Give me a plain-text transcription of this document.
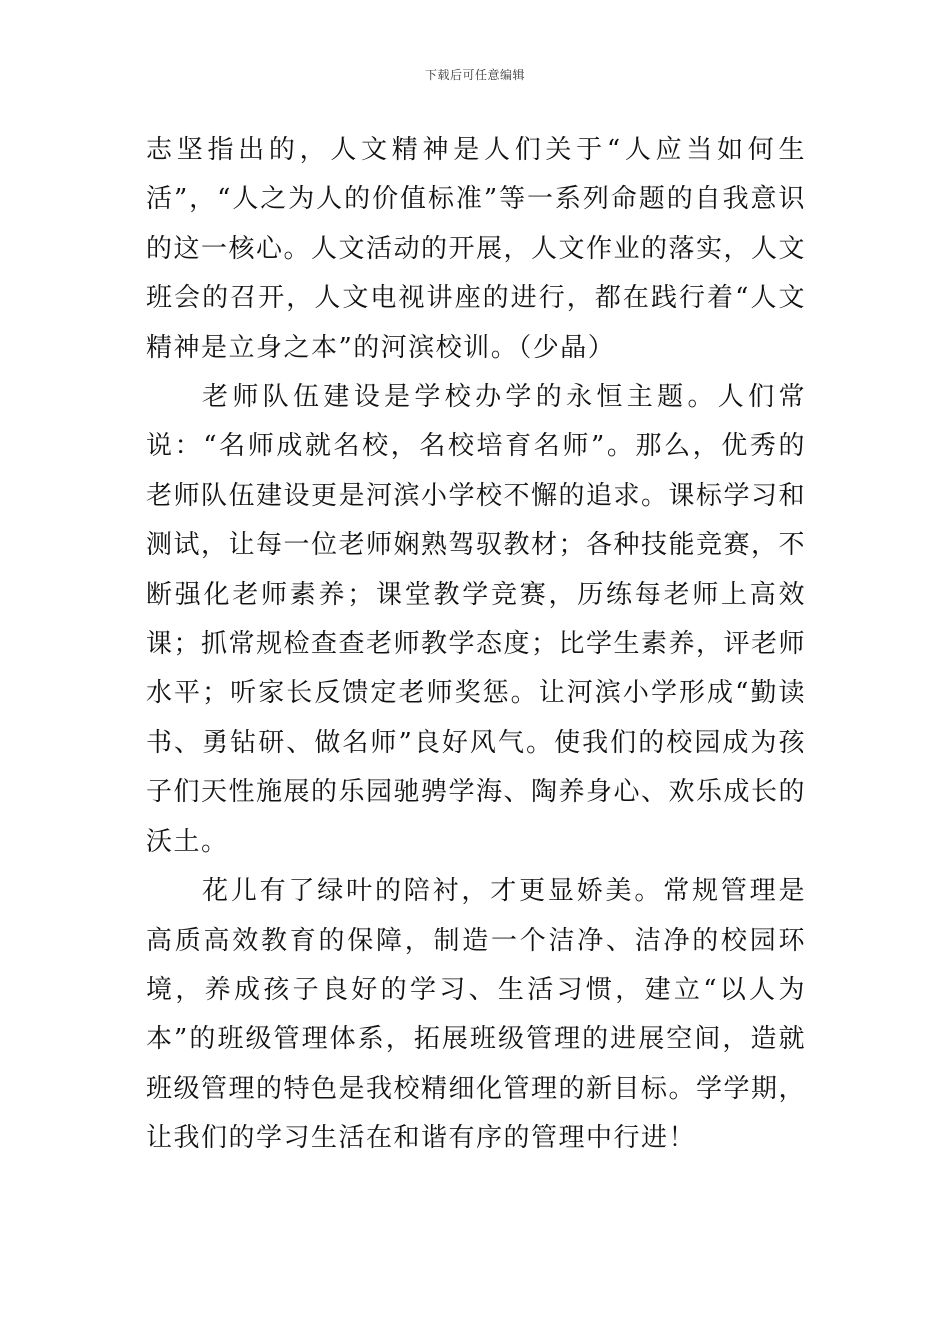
下载后可任意编辑

志坚指出的，人文精神是人们关于“人应当如何生活”，“人之为人的价值标准”等一系列命题的自我意识的这一核心。人文活动的开展，人文作业的落实，人文班会的召开，人文电视讲座的进行，都在践行着“人文精神是立身之本”的河滨校训。（少晶）

老师队伍建设是学校办学的永恒主题。人们常说：“名师成就名校，名校培育名师”。那么，优秀的老师队伍建设更是河滨小学校不懈的追求。课标学习和测试，让每一位老师娴熟驾驭教材；各种技能竞赛，不断强化老师素养；课堂教学竞赛，历练每老师上高效课；抓常规检查查老师教学态度；比学生素养，评老师水平；听家长反馈定老师奖惩。让河滨小学形成“勤读书、勇钻研、做名师”良好风气。使我们的校园成为孩子们天性施展的乐园驰骋学海、陶养身心、欢乐成长的沃土。

花儿有了绿叶的陪衬，才更显娇美。常规管理是高质高效教育的保障，制造一个洁净、洁净的校园环境，养成孩子良好的学习、生活习惯，建立“以人为本”的班级管理体系，拓展班级管理的进展空间，造就班级管理的特色是我校精细化管理的新目标。学学期，让我们的学习生活在和谐有序的管理中行进！
